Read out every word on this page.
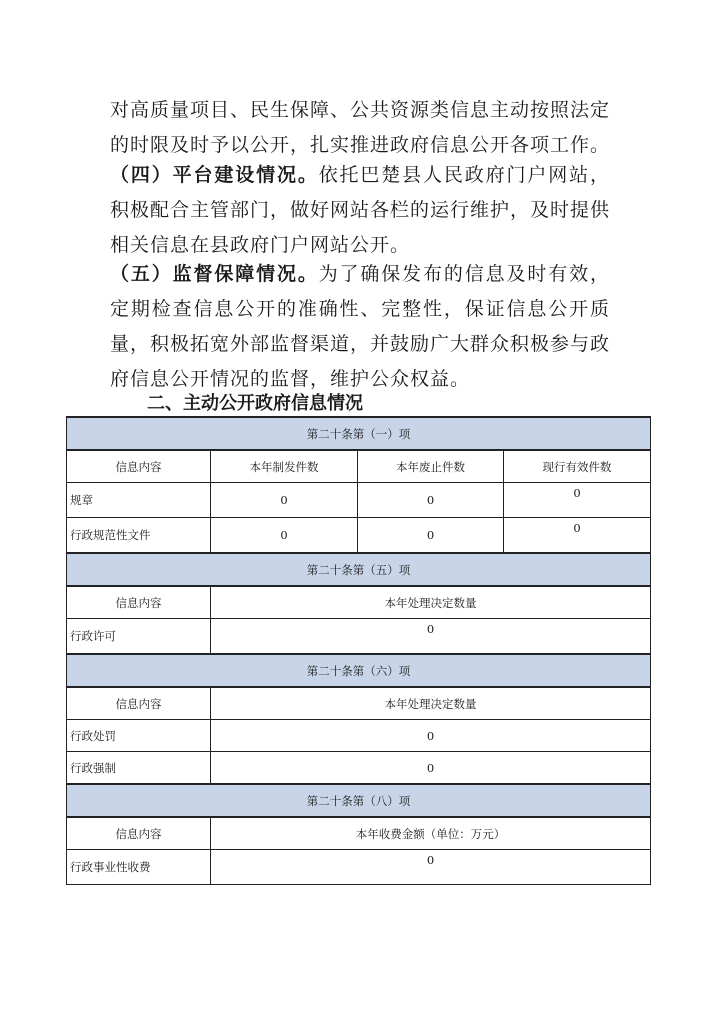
对高质量项目、民生保障、公共资源类信息主动按照法定的时限及时予以公开，扎实推进政府信息公开各项工作。

（四）平台建设情况。依托巴楚县人民政府门户网站，积极配合主管部门，做好网站各栏的运行维护，及时提供相关信息在县政府门户网站公开。

（五）监督保障情况。为了确保发布的信息及时有效，定期检查信息公开的准确性、完整性，保证信息公开质量，积极拓宽外部监督渠道，并鼓励广大群众积极参与政府信息公开情况的监督，维护公众权益。

二、主动公开政府信息情况
第二十条第（一）项			
信息内容	本年制发件数	本年废止件数	现行有效件数
规章	0	0	0
行政规范性文件	0	0	0
第二十条第（五）项			
信息内容	本年处理决定数量		
行政许可	0		
第二十条第（六）项			
信息内容	本年处理决定数量		
行政处罚	0		
行政强制	0		
第二十条第（八）项			
信息内容	本年收费金额（单位：万元）		
行政事业性收费	0		
